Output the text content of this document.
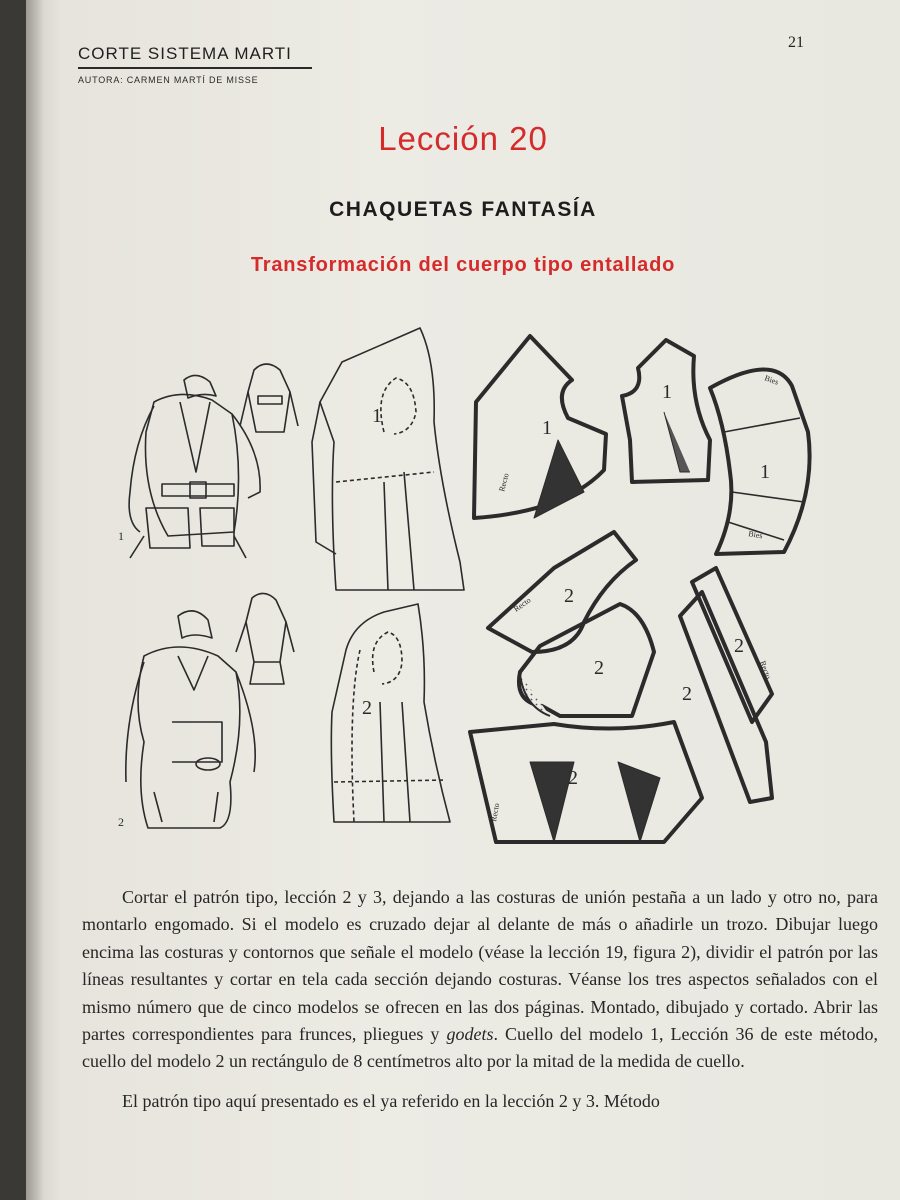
CORTE SISTEMA MARTI
AUTORA: CARMEN MARTÍ DE MISSE
21
Lección 20
CHAQUETAS FANTASÍA
Transformación del cuerpo tipo entallado
1
2
1
1
1
1
2
2
2
2
2
2
Recto
Recto
Recto
Recto
Bies
Bies

Cortar el patrón tipo, lección 2 y 3, dejando a las costuras de unión pestaña a un lado y otro no, para montarlo engomado. Si el modelo es cruzado dejar al delante de más o añadirle un trozo. Dibujar luego encima las costuras y contornos que señale el modelo (véase la lección 19, figura 2), dividir el patrón por las líneas resultantes y cortar en tela cada sección dejando costuras. Véanse los tres aspectos señalados con el mismo número que de cinco modelos se ofrecen en las dos páginas. Montado, dibujado y cortado. Abrir las partes correspondientes para frunces, pliegues y godets. Cuello del modelo 1, Lección 36 de este método, cuello del modelo 2 un rectángulo de 8 centímetros alto por la mitad de la medida de cuello.

El patrón tipo aquí presentado es el ya referido en la lección 2 y 3. Método
